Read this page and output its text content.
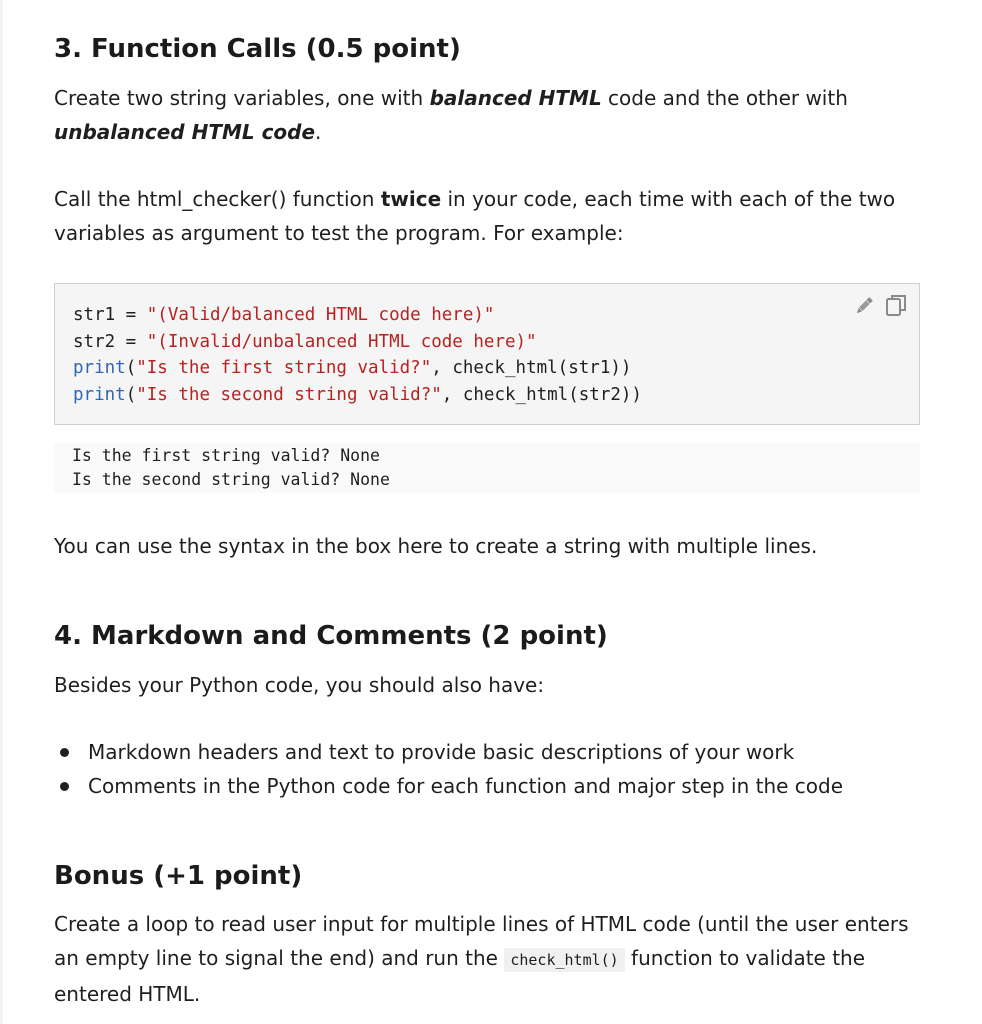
3. Function Calls (0.5 point)

Create two string variables, one with balanced HTML code and the other with unbalanced HTML code.

Call the html_checker() function twice in your code, each time with each of the two variables as argument to test the program. For example:

str1 = "(Valid/balanced HTML code here)"
str2 = "(Invalid/unbalanced HTML code here)"
print("Is the first string valid?", check_html(str1))
print("Is the second string valid?", check_html(str2))
Is the first string valid? None
Is the second string valid? None

You can use the syntax in the box here to create a string with multiple lines.

4. Markdown and Comments (2 point)

Besides your Python code, you should also have:

Markdown headers and text to provide basic descriptions of your work
Comments in the Python code for each function and major step in the code
Bonus (+1 point)

Create a loop to read user input for multiple lines of HTML code (until the user enters an empty line to signal the end) and run the check_html() function to validate the entered HTML.
